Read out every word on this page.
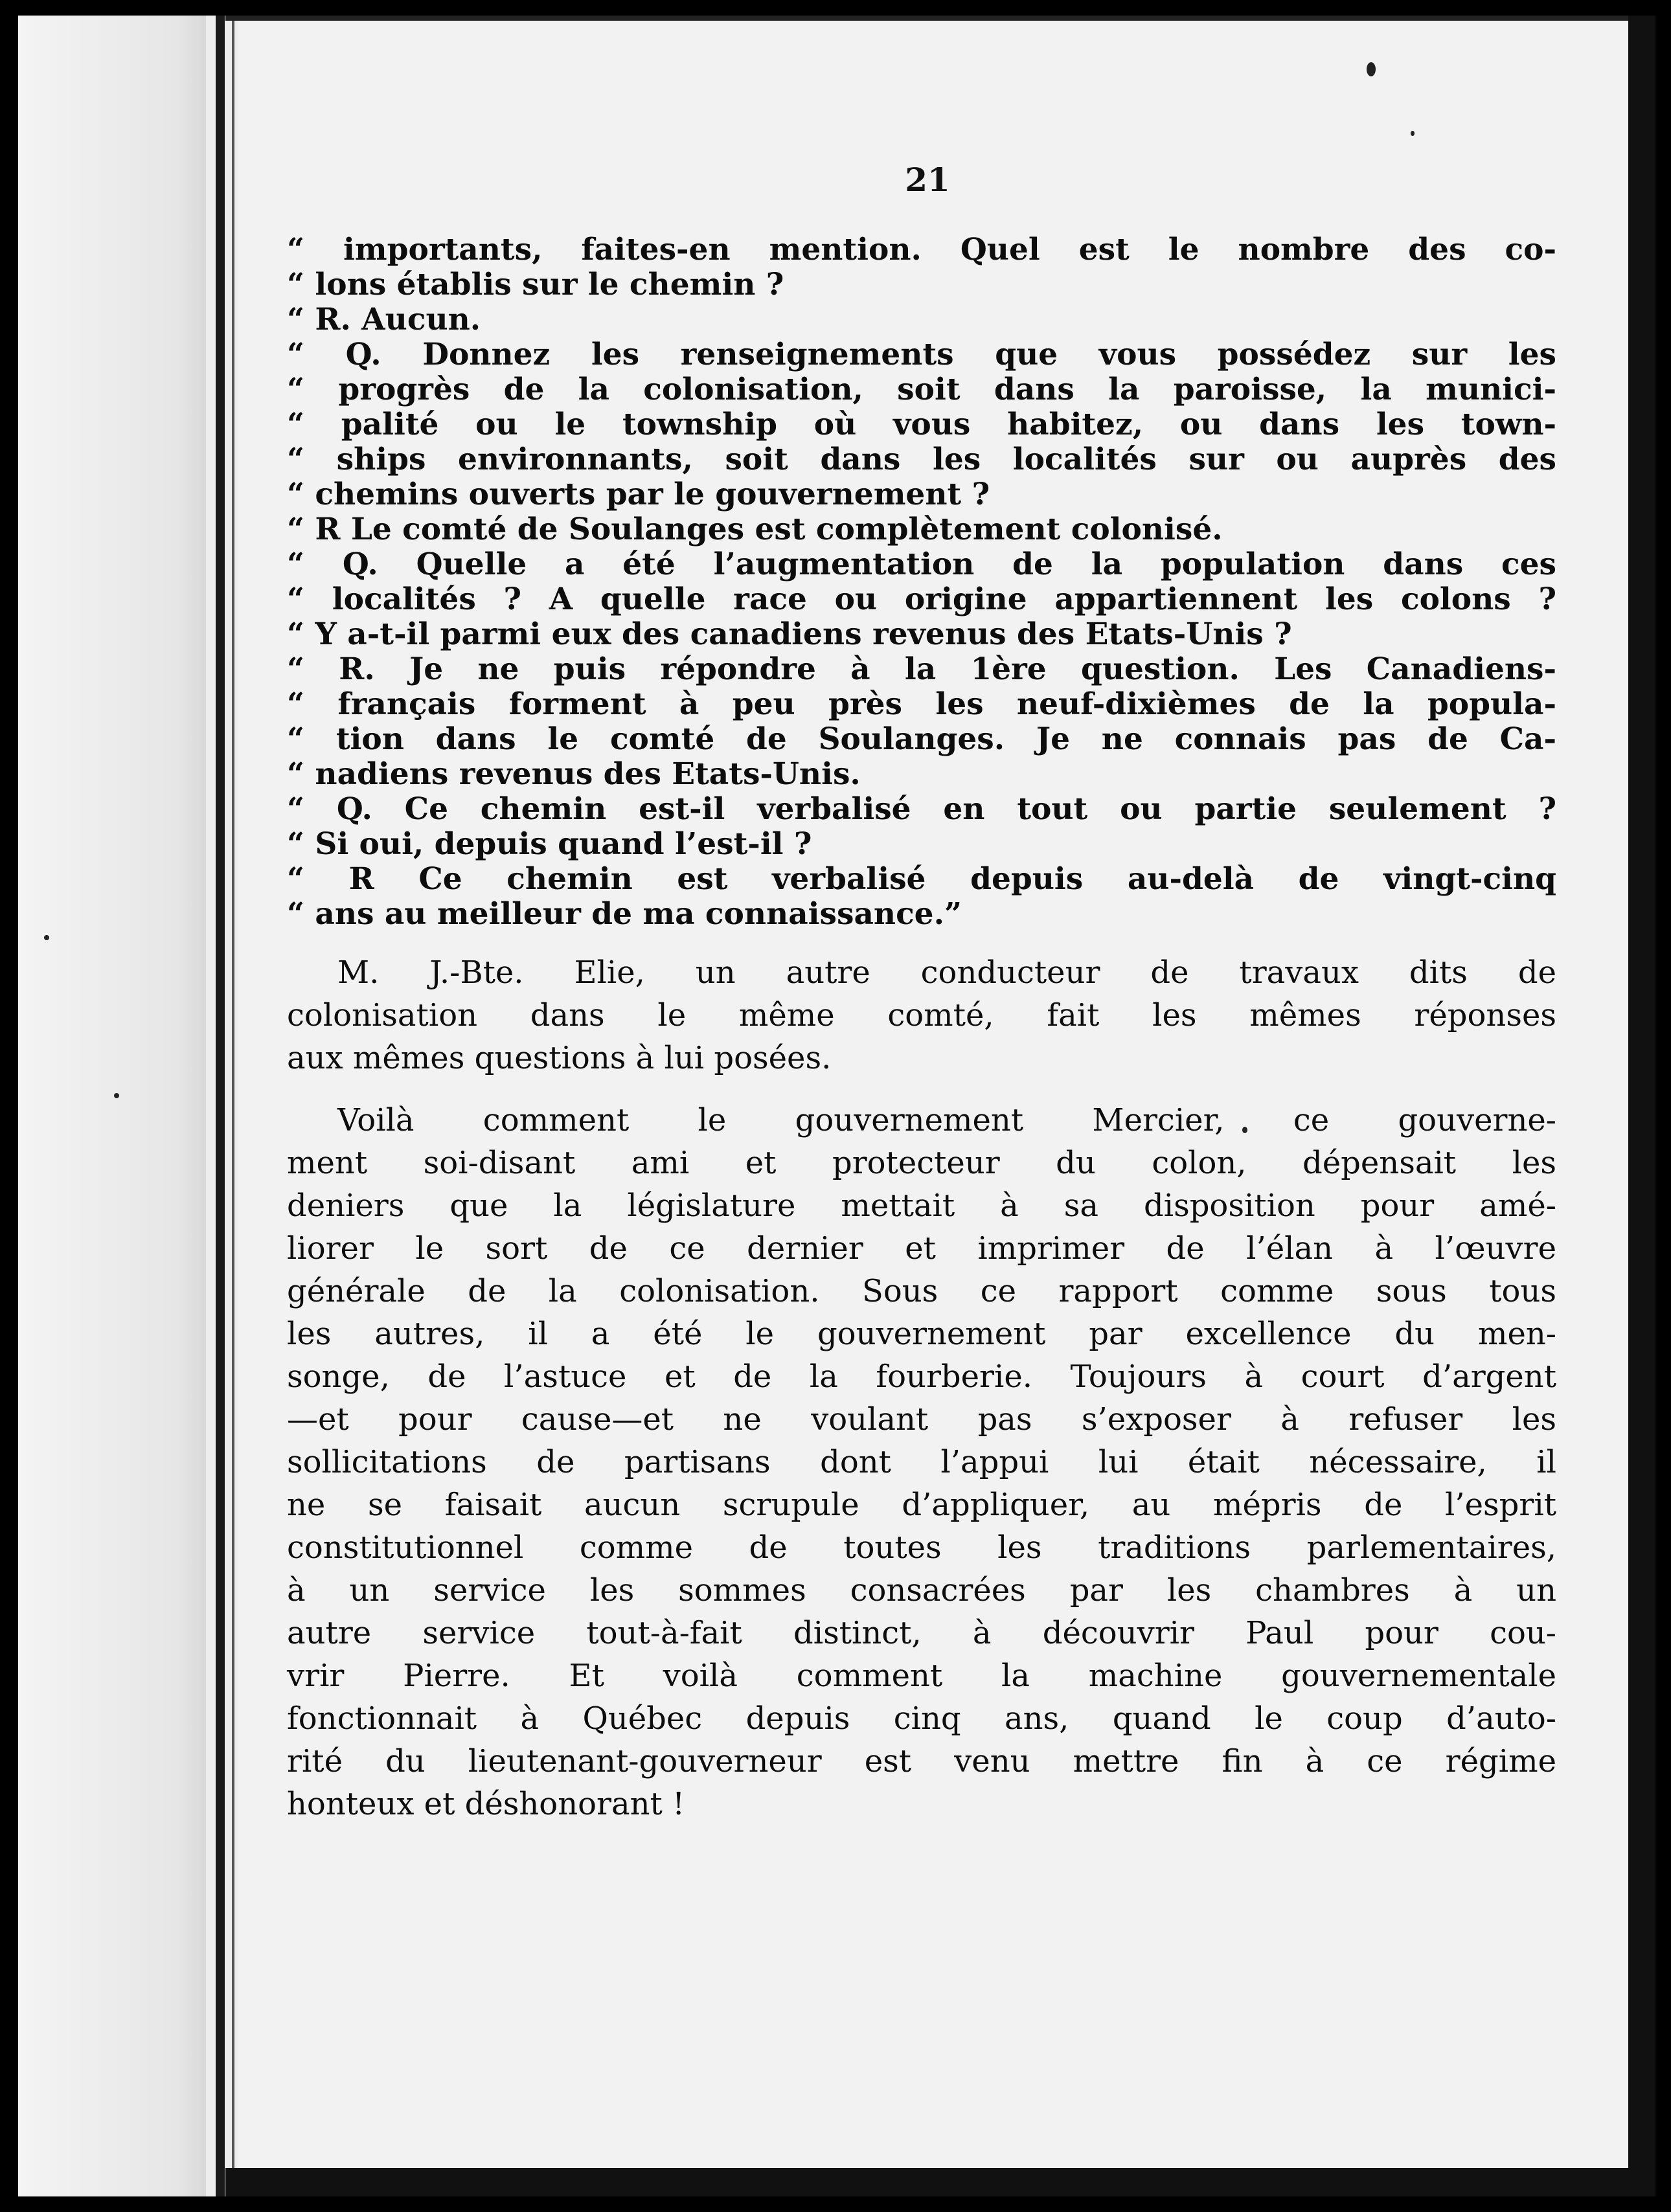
21
“ importants, faites-en mention. Quel est le nombre des co-
“ lons établis sur le chemin ?
“ R. Aucun.
“ Q. Donnez les renseignements que vous possédez sur les
“ progrès de la colonisation, soit dans la paroisse, la munici-
“ palité ou le township où vous habitez, ou dans les town-
“ ships environnants, soit dans les localités sur ou auprès des
“ chemins ouverts par le gouvernement ?
“ R Le comté de Soulanges est complètement colonisé.
“ Q. Quelle a été l’augmentation de la population dans ces
“ localités ? A quelle race ou origine appartiennent les colons ?
“ Y a-t-il parmi eux des canadiens revenus des Etats-Unis ?
“ R. Je ne puis répondre à la 1ère question. Les Canadiens-
“ français forment à peu près les neuf-dixièmes de la popula-
“ tion dans le comté de Soulanges. Je ne connais pas de Ca-
“ nadiens revenus des Etats-Unis.
“ Q. Ce chemin est-il verbalisé en tout ou partie seulement ?
“ Si oui, depuis quand l’est-il ?
“ R Ce chemin est verbalisé depuis au-delà de vingt-cinq
“ ans au meilleur de ma connaissance.”
M. J.-Bte. Elie, un autre conducteur de travaux dits de
colonisation dans le même comté, fait les mêmes réponses
aux mêmes questions à lui posées.
Voilà comment le gouvernement Mercier, ce gouverne-
ment soi-disant ami et protecteur du colon, dépensait les
deniers que la législature mettait à sa disposition pour amé-
liorer le sort de ce dernier et imprimer de l’élan à l’œuvre
générale de la colonisation. Sous ce rapport comme sous tous
les autres, il a été le gouvernement par excellence du men-
songe, de l’astuce et de la fourberie. Toujours à court d’argent
—et pour cause—et ne voulant pas s’exposer à refuser les
sollicitations de partisans dont l’appui lui était nécessaire, il
ne se faisait aucun scrupule d’appliquer, au mépris de l’esprit
constitutionnel comme de toutes les traditions parlementaires,
à un service les sommes consacrées par les chambres à un
autre service tout-à-fait distinct, à découvrir Paul pour cou-
vrir Pierre. Et voilà comment la machine gouvernementale
fonctionnait à Québec depuis cinq ans, quand le coup d’auto-
rité du lieutenant-gouverneur est venu mettre fin à ce régime
honteux et déshonorant !
